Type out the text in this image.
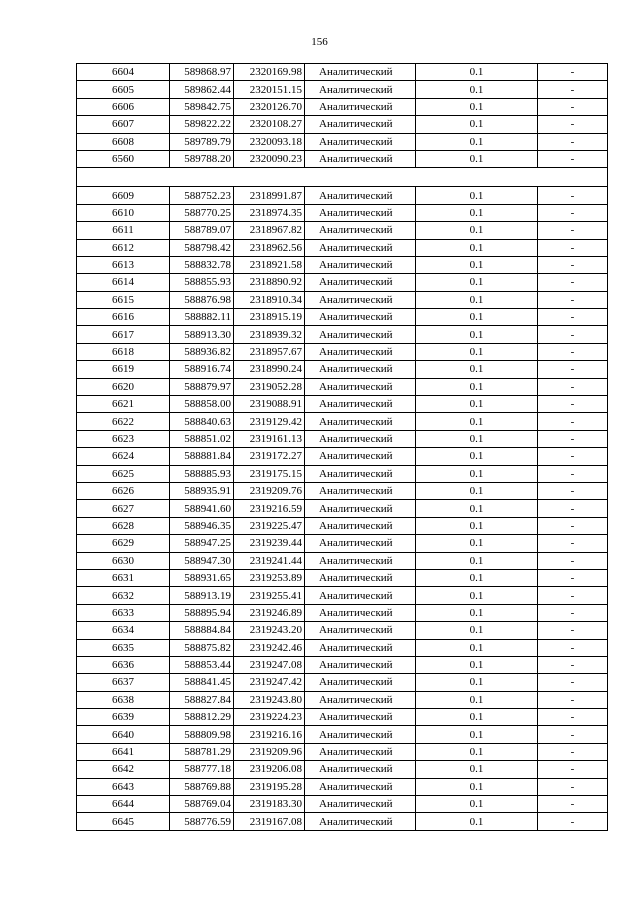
156
6604	589868.97	2320169.98	Аналитический	0.1	-
6605	589862.44	2320151.15	Аналитический	0.1	-
6606	589842.75	2320126.70	Аналитический	0.1	-
6607	589822.22	2320108.27	Аналитический	0.1	-
6608	589789.79	2320093.18	Аналитический	0.1	-
6560	589788.20	2320090.23	Аналитический	0.1	-

6609	588752.23	2318991.87	Аналитический	0.1	-
6610	588770.25	2318974.35	Аналитический	0.1	-
6611	588789.07	2318967.82	Аналитический	0.1	-
6612	588798.42	2318962.56	Аналитический	0.1	-
6613	588832.78	2318921.58	Аналитический	0.1	-
6614	588855.93	2318890.92	Аналитический	0.1	-
6615	588876.98	2318910.34	Аналитический	0.1	-
6616	588882.11	2318915.19	Аналитический	0.1	-
6617	588913.30	2318939.32	Аналитический	0.1	-
6618	588936.82	2318957.67	Аналитический	0.1	-
6619	588916.74	2318990.24	Аналитический	0.1	-
6620	588879.97	2319052.28	Аналитический	0.1	-
6621	588858.00	2319088.91	Аналитический	0.1	-
6622	588840.63	2319129.42	Аналитический	0.1	-
6623	588851.02	2319161.13	Аналитический	0.1	-
6624	588881.84	2319172.27	Аналитический	0.1	-
6625	588885.93	2319175.15	Аналитический	0.1	-
6626	588935.91	2319209.76	Аналитический	0.1	-
6627	588941.60	2319216.59	Аналитический	0.1	-
6628	588946.35	2319225.47	Аналитический	0.1	-
6629	588947.25	2319239.44	Аналитический	0.1	-
6630	588947.30	2319241.44	Аналитический	0.1	-
6631	588931.65	2319253.89	Аналитический	0.1	-
6632	588913.19	2319255.41	Аналитический	0.1	-
6633	588895.94	2319246.89	Аналитический	0.1	-
6634	588884.84	2319243.20	Аналитический	0.1	-
6635	588875.82	2319242.46	Аналитический	0.1	-
6636	588853.44	2319247.08	Аналитический	0.1	-
6637	588841.45	2319247.42	Аналитический	0.1	-
6638	588827.84	2319243.80	Аналитический	0.1	-
6639	588812.29	2319224.23	Аналитический	0.1	-
6640	588809.98	2319216.16	Аналитический	0.1	-
6641	588781.29	2319209.96	Аналитический	0.1	-
6642	588777.18	2319206.08	Аналитический	0.1	-
6643	588769.88	2319195.28	Аналитический	0.1	-
6644	588769.04	2319183.30	Аналитический	0.1	-
6645	588776.59	2319167.08	Аналитический	0.1	-
